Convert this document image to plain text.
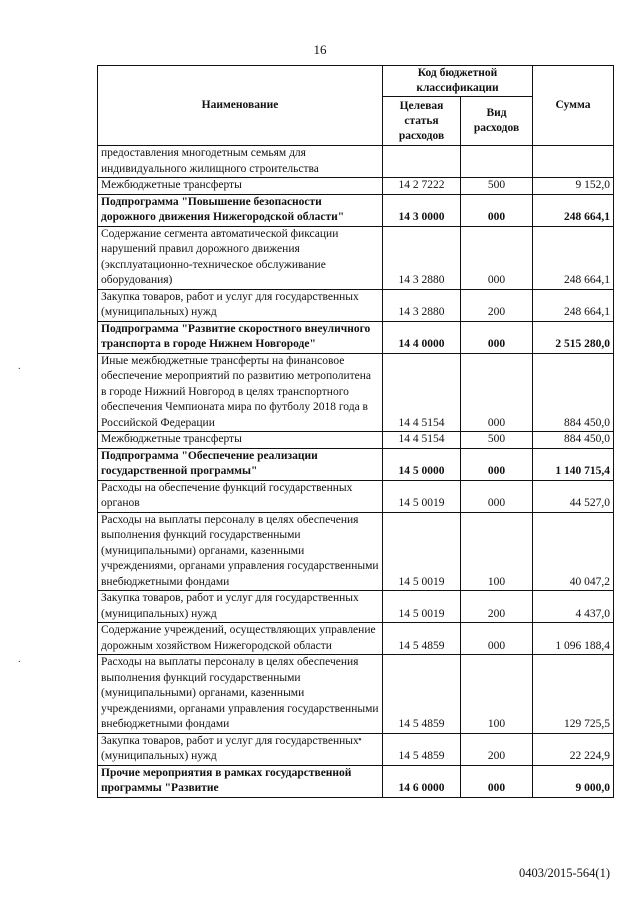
16
Наименование	Код бюджетной классификации		Сумма
	Целевая статья расходов	Вид расходов	
предоставления многодетным семьям для индивидуального жилищного строительства			
Межбюджетные трансферты	14 2 7222	500	9 152,0
Подпрограмма "Повышение безопасности дорожного движения Нижегородской области"	14 3 0000	000	248 664,1
Содержание сегмента автоматической фиксации нарушений правил дорожного движения (эксплуатационно-техническое обслуживание оборудования)	14 3 2880	000	248 664,1
Закупка товаров, работ и услуг для государственных (муниципальных) нужд	14 3 2880	200	248 664,1
Подпрограмма "Развитие скоростного внеуличного транспорта в городе Нижнем Новгороде"	14 4 0000	000	2 515 280,0
Иные межбюджетные трансферты на финансовое обеспечение мероприятий по развитию метрополитена в городе Нижний Новгород в целях транспортного обеспечения Чемпионата мира по футболу 2018 года в Российской Федерации	14 4 5154	000	884 450,0
Межбюджетные трансферты	14 4 5154	500	884 450,0
Подпрограмма "Обеспечение реализации государственной программы"	14 5 0000	000	1 140 715,4
Расходы на обеспечение функций государственных органов	14 5 0019	000	44 527,0
Расходы на выплаты персоналу в целях обеспечения выполнения функций государственными (муниципальными) органами, казенными учреждениями, органами управления государственными внебюджетными фондами	14 5 0019	100	40 047,2
Закупка товаров, работ и услуг для государственных (муниципальных) нужд	14 5 0019	200	4 437,0
Содержание учреждений, осуществляющих управление дорожным хозяйством Нижегородской области	14 5 4859	000	1 096 188,4
Расходы на выплаты персоналу в целях обеспечения выполнения функций государственными (муниципальными) органами, казенными учреждениями, органами управления государственными внебюджетными фондами	14 5 4859	100	129 725,5
Закупка товаров, работ и услуг для государственных (муниципальных) нужд	14 5 4859	200	22 224,9
Прочие мероприятия в рамках государственной программы "Развитие	14 6 0000	000	9 000,0
.
.
•
0403/2015-564(1)
